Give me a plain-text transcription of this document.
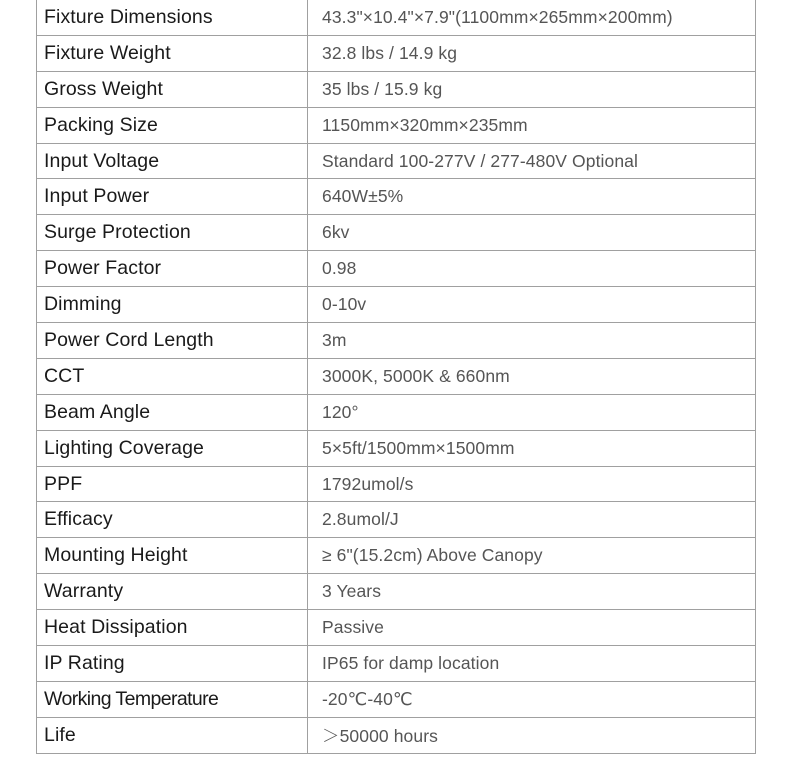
Fixture Dimensions	43.3"×10.4"×7.9"(1100mm×265mm×200mm)
Fixture Weight	32.8 lbs / 14.9 kg
Gross Weight	35 lbs / 15.9 kg
Packing Size	1150mm×320mm×235mm
Input Voltage	Standard 100-277V / 277-480V Optional
Input Power	640W±5%
Surge Protection	6kv
Power Factor	0.98
Dimming	0-10v
Power Cord Length	3m
CCT	3000K, 5000K & 660nm
Beam Angle	120°
Lighting Coverage	5×5ft/1500mm×1500mm
PPF	1792umol/s
Efficacy	2.8umol/J
Mounting Height	≥ 6"(15.2cm) Above Canopy
Warranty	3 Years
Heat Dissipation	Passive
IP Rating	IP65 for damp location
Working Temperature	-20℃-40℃
Life	＞50000 hours
